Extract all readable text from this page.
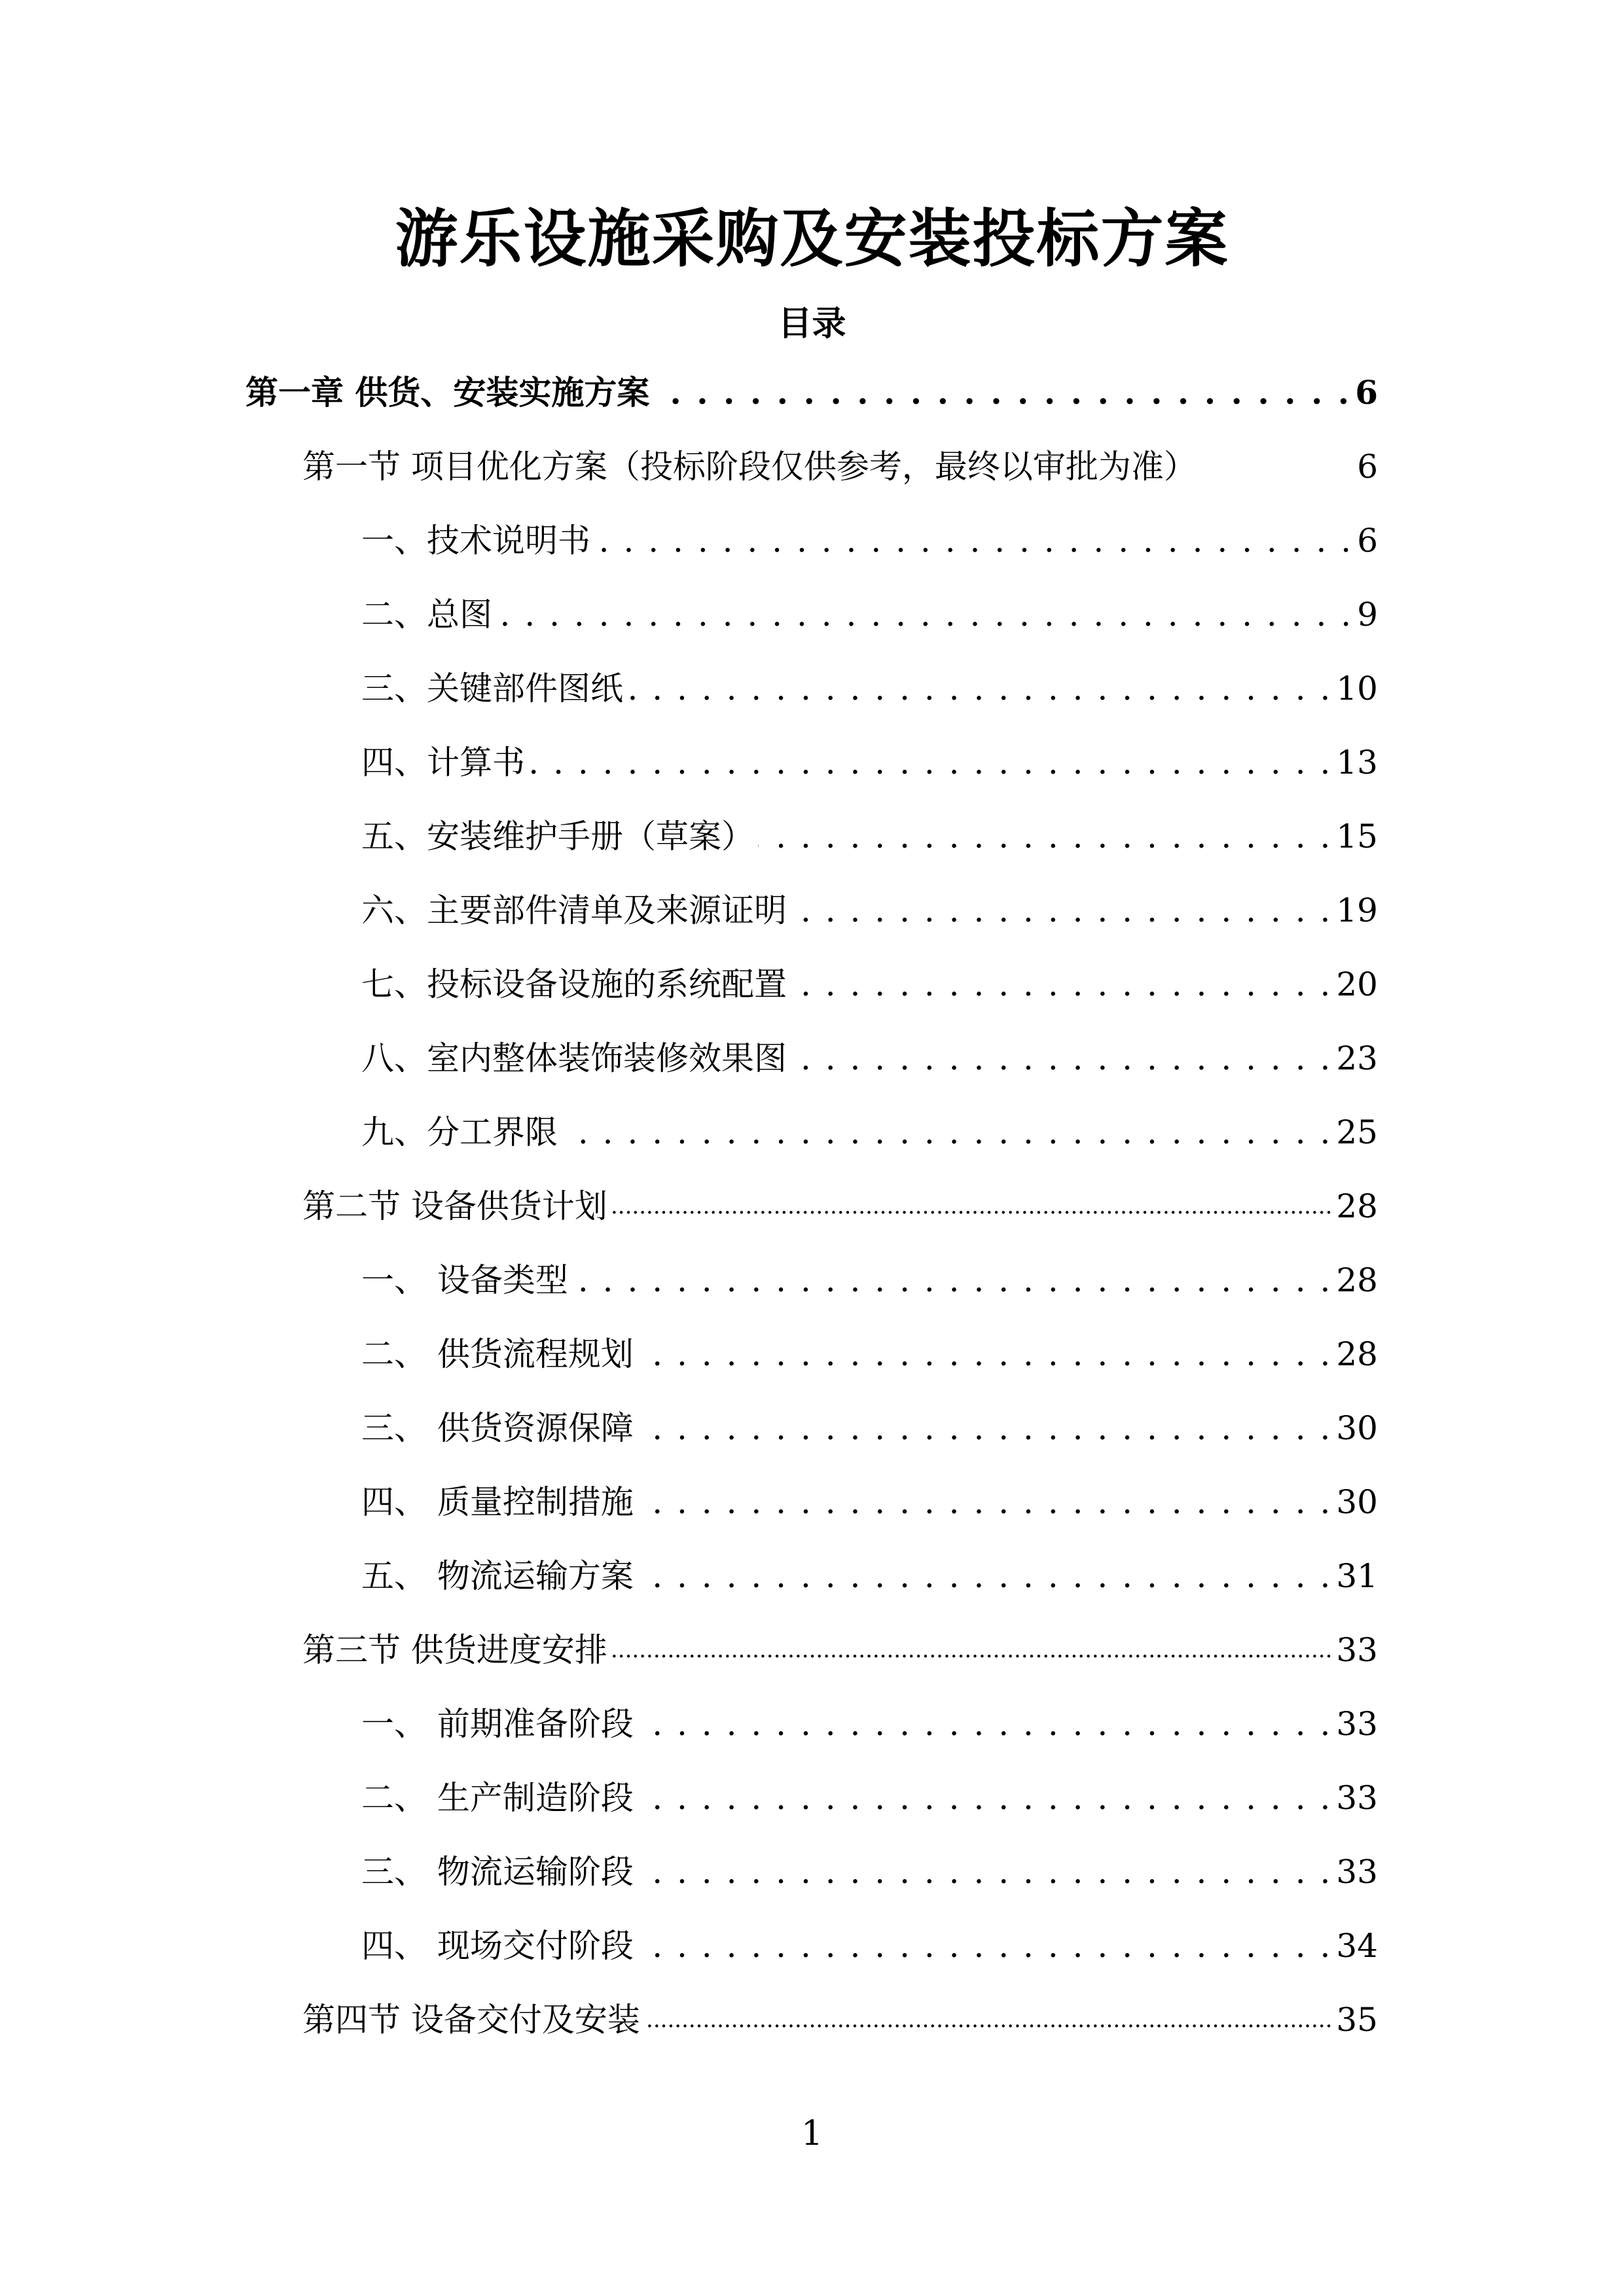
游乐设施采购及安装投标方案
目录
第一章 供货、安装实施方案 . . .	6
第一节 项目优化方案（投标阶段仅供参考，最终以审批为准）	6
一、技术说明书 . . .	6
二、总图 . . .	9
三、关键部件图纸 . . .	10
四、计算书 . . .	13
五、安装维护手册（草案） . . .	15
六、主要部件清单及来源证明 . . .	19
七、投标设备设施的系统配置 . . .	20
八、室内整体装饰装修效果图 . . .	23
九、分工界限 . . .	25
第二节 设备供货计划 .....	28
一、 设备类型 . . .	28
二、 供货流程规划 . . .	28
三、 供货资源保障 . . .	30
四、 质量控制措施 . . .	30
五、 物流运输方案 . . .	31
第三节 供货进度安排 .....	33
一、 前期准备阶段 . . .	33
二、 生产制造阶段 . . .	33
三、 物流运输阶段 . . .	33
四、 现场交付阶段 . . .	34
第四节 设备交付及安装 .....	35
1
